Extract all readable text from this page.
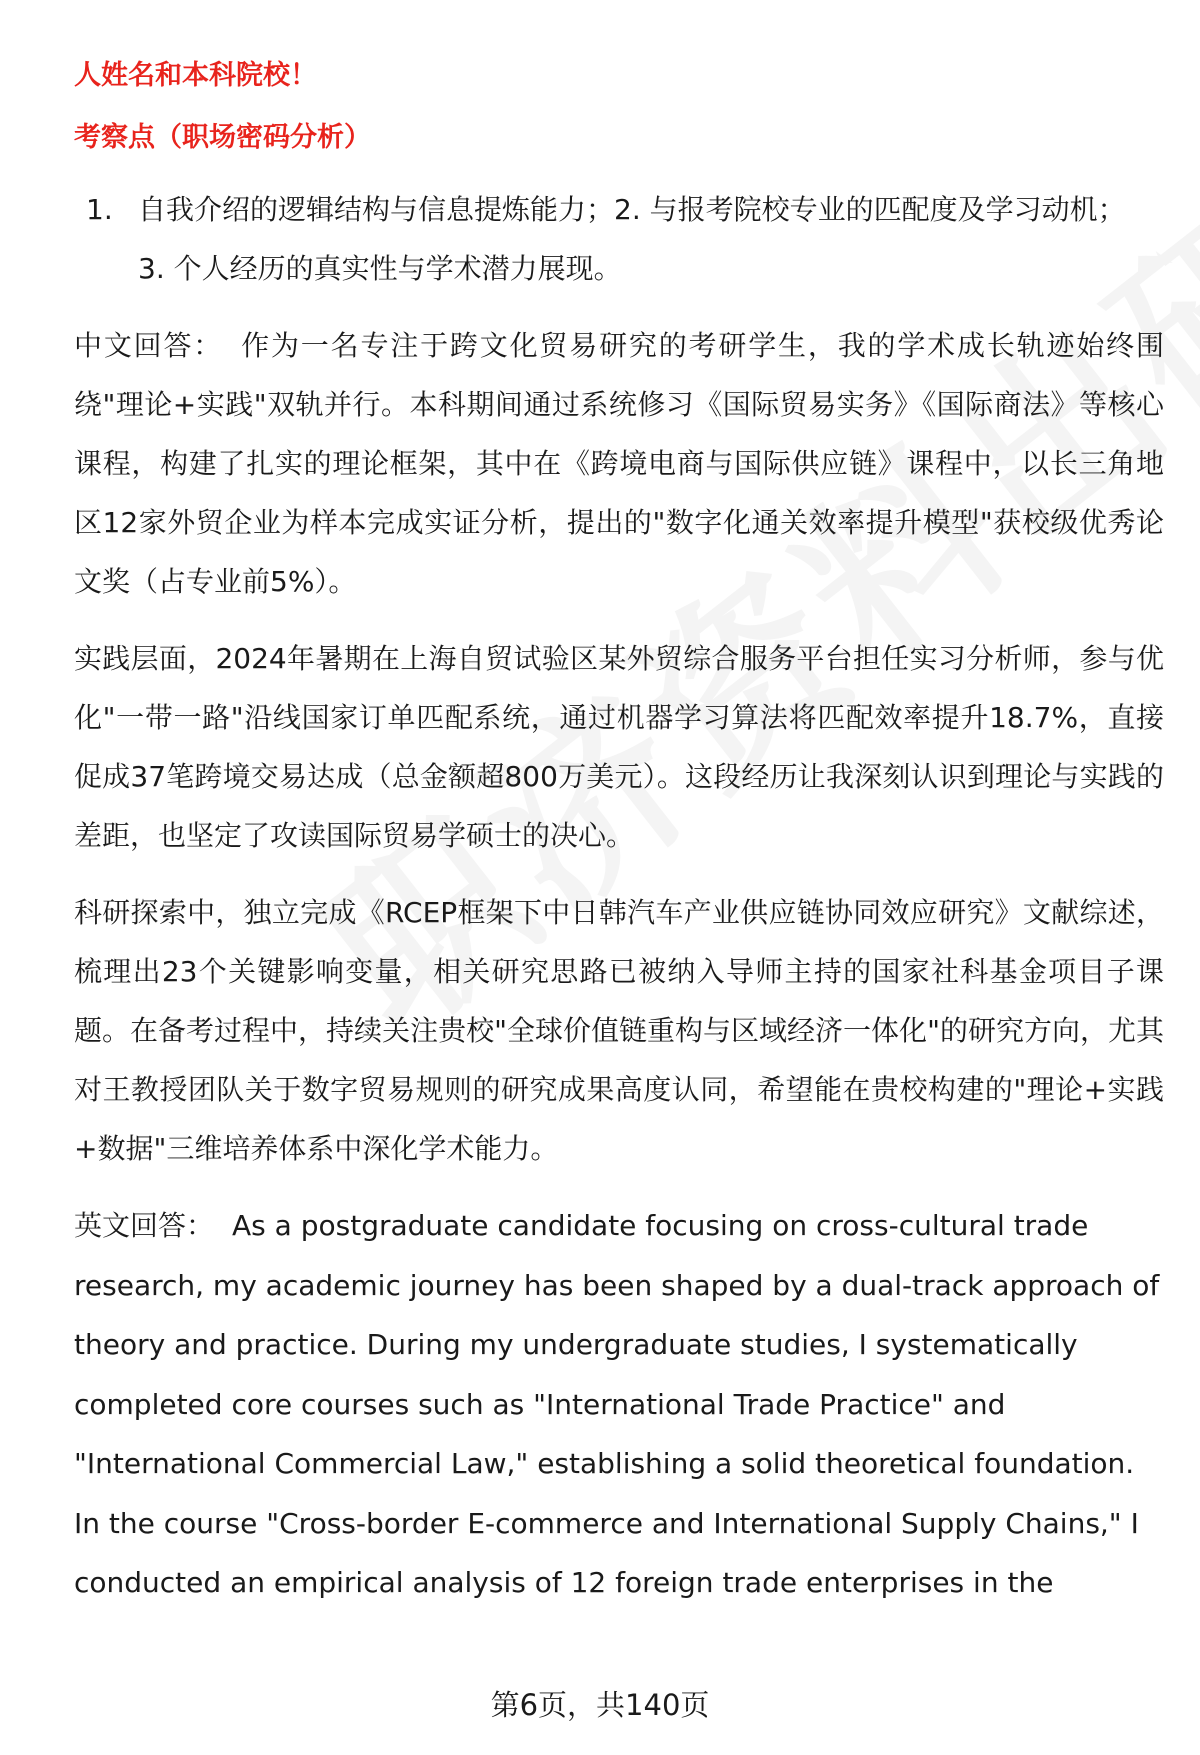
人姓名和本科院校！

考察点（职场密码分析）

1. 自我介绍的逻辑结构与信息提炼能力；2. 与报考院校专业的匹配度及学习动机；3. 个人经历的真实性与学术潜力展现。

中文回答： 作为一名专注于跨文化贸易研究的考研学生，我的学术成长轨迹始终围绕"理论+实践"双轨并行。本科期间通过系统修习《国际贸易实务》《国际商法》等核心课程，构建了扎实的理论框架，其中在《跨境电商与国际供应链》课程中，以长三角地区12家外贸企业为样本完成实证分析，提出的"数字化通关效率提升模型"获校级优秀论文奖（占专业前5%）。

实践层面，2024年暑期在上海自贸试验区某外贸综合服务平台担任实习分析师，参与优化"一带一路"沿线国家订单匹配系统，通过机器学习算法将匹配效率提升18.7%，直接促成37笔跨境交易达成（总金额超800万美元）。这段经历让我深刻认识到理论与实践的差距，也坚定了攻读国际贸易学硕士的决心。

科研探索中，独立完成《RCEP框架下中日韩汽车产业供应链协同效应研究》文献综述，梳理出23个关键影响变量，相关研究思路已被纳入导师主持的国家社科基金项目子课题。在备考过程中，持续关注贵校"全球价值链重构与区域经济一体化"的研究方向，尤其对王教授团队关于数字贸易规则的研究成果高度认同，希望能在贵校构建的"理论+实践+数据"三维培养体系中深化学术能力。

英文回答： As a postgraduate candidate focusing on cross-cultural trade research, my academic journey has been shaped by a dual-track approach of theory and practice. During my undergraduate studies, I systematically completed core courses such as "International Trade Practice" and "International Commercial Law," establishing a solid theoretical foundation. In the course "Cross-border E-commerce and International Supply Chains," I conducted an empirical analysis of 12 foreign trade enterprises in the

第6页，共140页
